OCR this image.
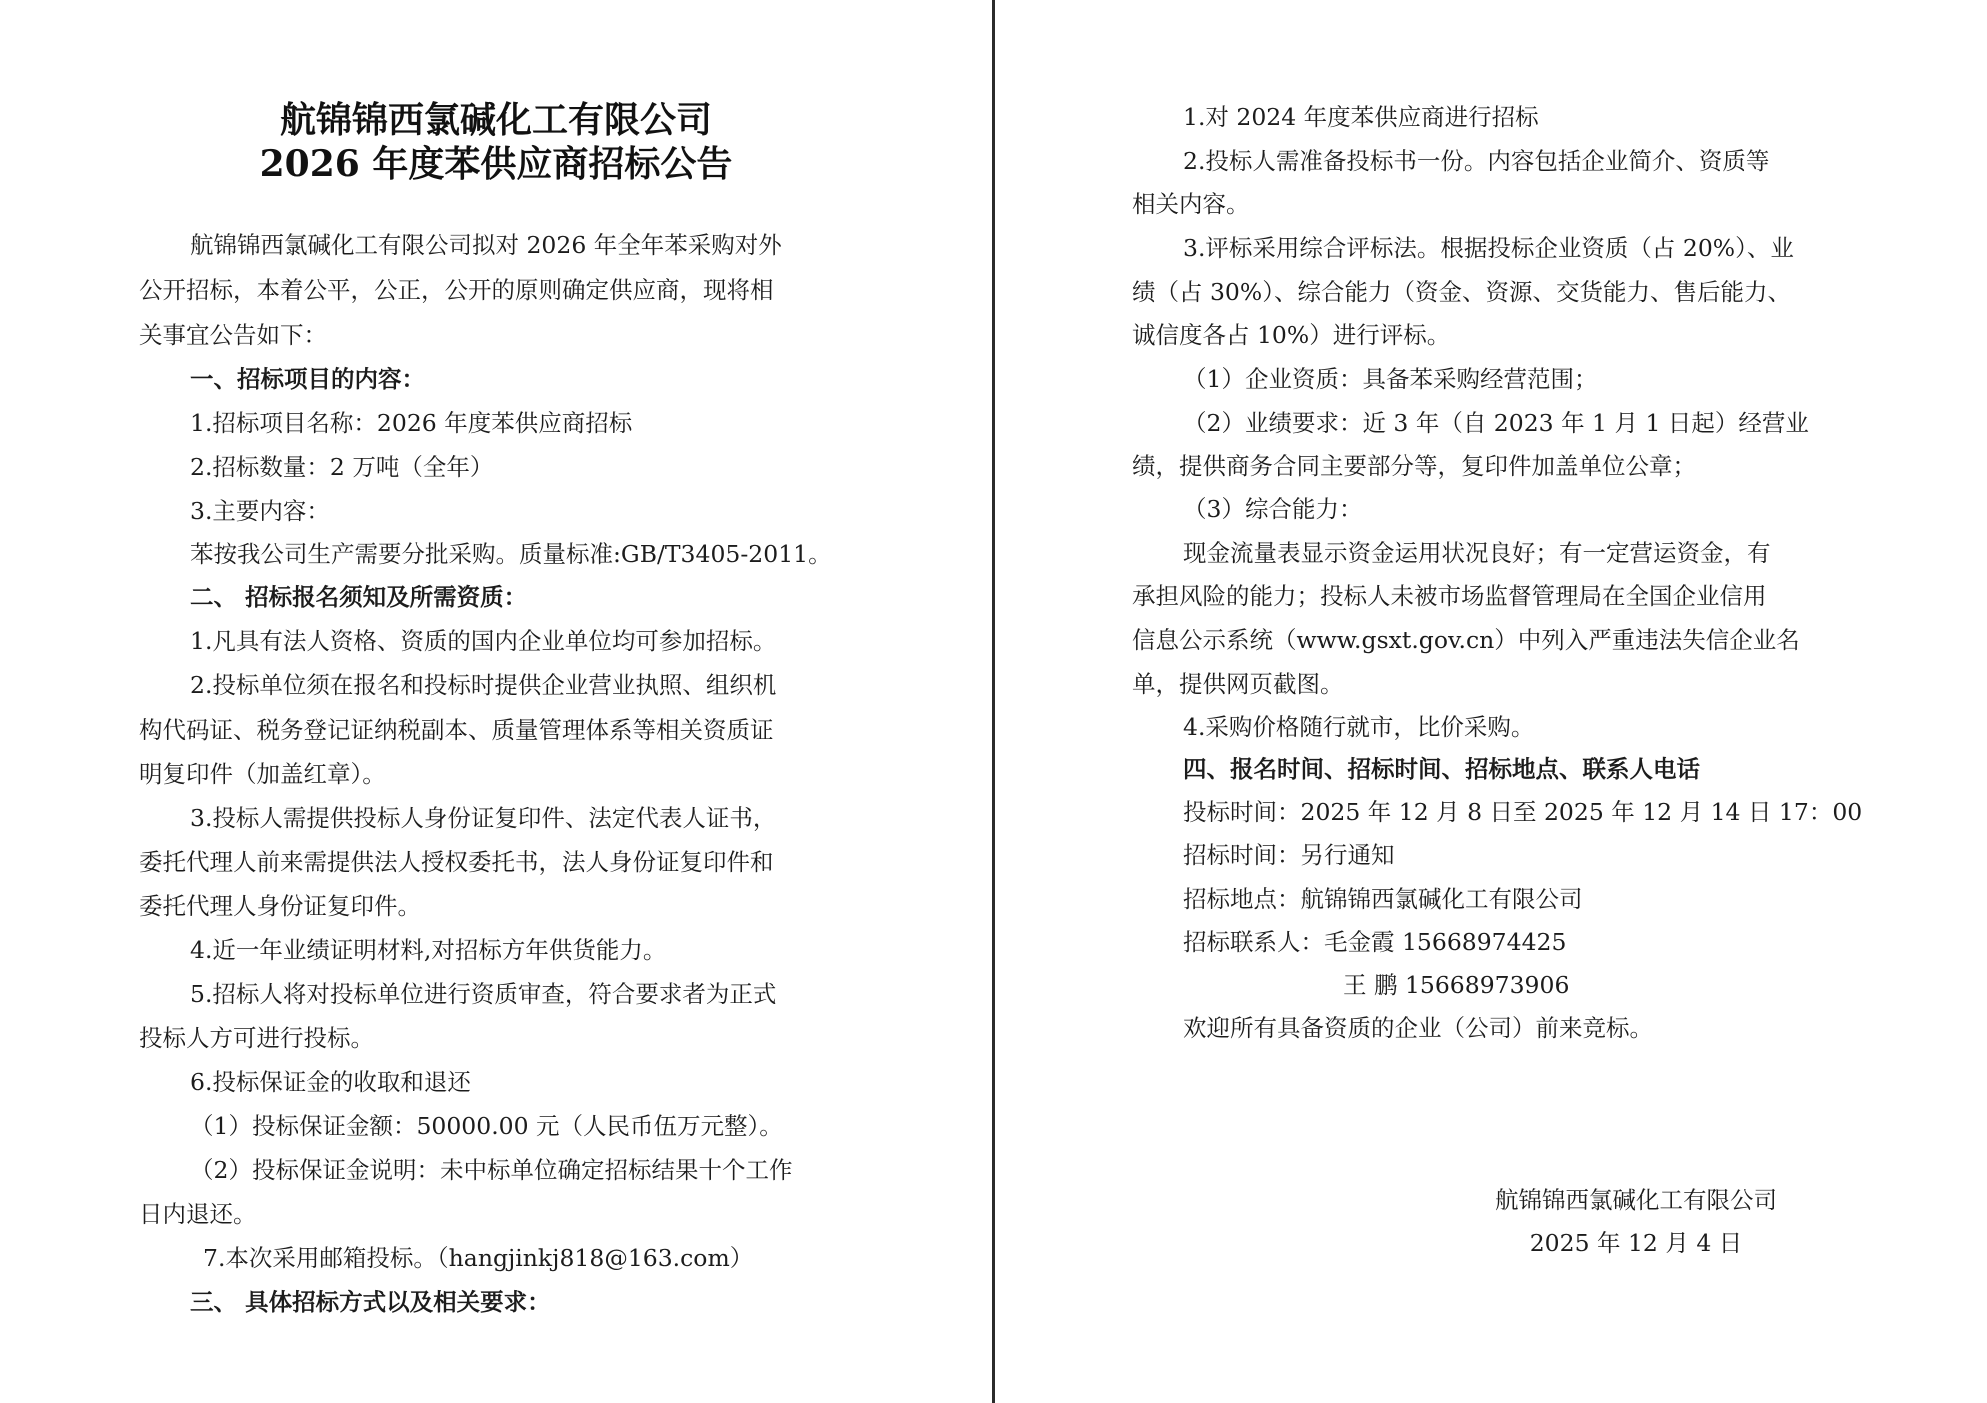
航锦锦西氯碱化工有限公司
2026 年度苯供应商招标公告
航锦锦西氯碱化工有限公司拟对 2026 年全年苯采购对外
公开招标，本着公平，公正，公开的原则确定供应商，现将相
关事宜公告如下：
一、招标项目的内容：
1.招标项目名称：2026 年度苯供应商招标
2.招标数量：2 万吨（全年）
3.主要内容：
苯按我公司生产需要分批采购。质量标准:GB/T3405-2011。
二、 招标报名须知及所需资质：
1.凡具有法人资格、资质的国内企业单位均可参加招标。
2.投标单位须在报名和投标时提供企业营业执照、组织机
构代码证、税务登记证纳税副本、质量管理体系等相关资质证
明复印件（加盖红章）。
3.投标人需提供投标人身份证复印件、法定代表人证书，
委托代理人前来需提供法人授权委托书，法人身份证复印件和
委托代理人身份证复印件。
4.近一年业绩证明材料,对招标方年供货能力。
5.招标人将对投标单位进行资质审查，符合要求者为正式
投标人方可进行投标。
6.投标保证金的收取和退还
（1）投标保证金额：50000.00 元（人民币伍万元整）。
（2）投标保证金说明：未中标单位确定招标结果十个工作
日内退还。
7.本次采用邮箱投标。（hangjinkj818@163.com）
三、 具体招标方式以及相关要求：
1.对 2024 年度苯供应商进行招标
2.投标人需准备投标书一份。内容包括企业简介、资质等
相关内容。
3.评标采用综合评标法。根据投标企业资质（占 20%）、业
绩（占 30%）、综合能力（资金、资源、交货能力、售后能力、
诚信度各占 10%）进行评标。
（1）企业资质：具备苯采购经营范围；
（2）业绩要求：近 3 年（自 2023 年 1 月 1 日起）经营业
绩，提供商务合同主要部分等，复印件加盖单位公章；
（3）综合能力：
现金流量表显示资金运用状况良好；有一定营运资金，有
承担风险的能力；投标人未被市场监督管理局在全国企业信用
信息公示系统（www.gsxt.gov.cn）中列入严重违法失信企业名
单，提供网页截图。
4.采购价格随行就市，比价采购。
四、报名时间、招标时间、招标地点、联系人电话
投标时间：2025 年 12 月 8 日至 2025 年 12 月 14 日 17：00
招标时间：另行通知
招标地点：航锦锦西氯碱化工有限公司
招标联系人：毛金霞 15668974425
王 鹏 15668973906
欢迎所有具备资质的企业（公司）前来竞标。
航锦锦西氯碱化工有限公司
2025 年 12 月 4 日
